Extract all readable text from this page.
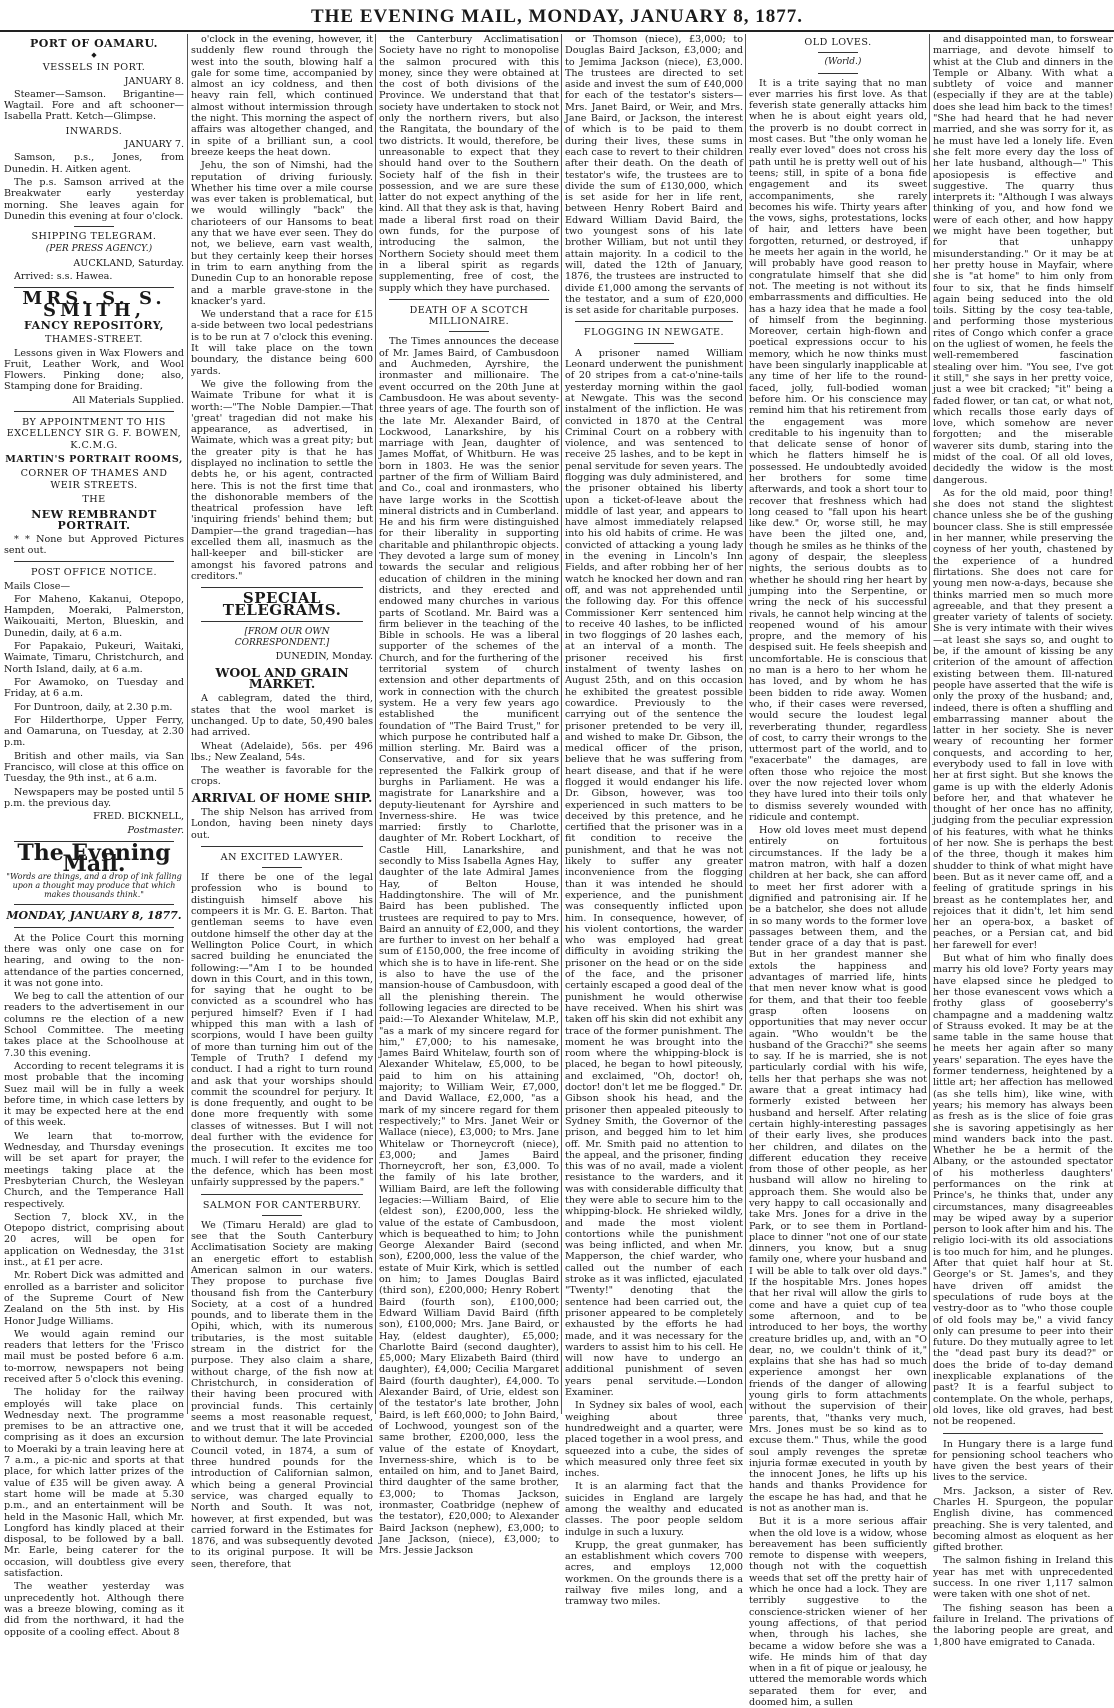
THE EVENING MAIL, MONDAY, JANUARY 8, 1877.
PORT OF OAMARU.
◆
VESSELS IN PORT.

JANUARY 8.

Steamer—Samson. Brigantine—Wagtail. Fore and aft schooner—Isabella Pratt. Ketch—Glimpse.

INWARDS.

JANUARY 7.

Samson, p.s., Jones, from Dunedin. H. Aitken agent.

The p.s. Samson arrived at the Breakwater early yesterday morning. She leaves again for Dunedin this evening at four o'clock.

SHIPPING TELEGRAM.

(PER PRESS AGENCY.)

AUCKLAND, Saturday.

Arrived: s.s. Hawea.

MRS. S. S. SMITH,
FANCY REPOSITORY,
THAMES-STREET.

Lessons given in Wax Flowers and Fruit, Leather Work, and Wool Flowers. Pinking done; also, Stamping done for Braiding.

All Materials Supplied.

BY APPOINTMENT TO HIS EXCELLENCY SIR G. F. BOWEN, K.C.M.G.
MARTIN'S PORTRAIT ROOMS,
CORNER OF THAMES AND WEIR STREETS.
THE
NEW REMBRANDT PORTRAIT.

* * None but Approved Pictures sent out.

POST OFFICE NOTICE.

Mails Close—

For Maheno, Kakanui, Otepopo, Hampden, Moeraki, Palmerston, Waikouaiti, Merton, Blueskin, and Dunedin, daily, at 6 a.m.

For Papakaio, Pukeuri, Waitaki, Waimate, Timaru, Christchurch, and North Island, daily, at 6 a.m.

For Awamoko, on Tuesday and Friday, at 6 a.m.

For Duntroon, daily, at 2.30 p.m.

For Hilderthorpe, Upper Ferry, and Oamaruna, on Tuesday, at 2.30 p.m.

British and other mails, via San Francisco, will close at this office on Tuesday, the 9th inst., at 6 a.m.

Newspapers may be posted until 5 p.m. the previous day.

FRED. BICKNELL,

Postmaster.

The Evening Mail.
"Words are things, and a drop of ink falling upon a thought may produce that which makes thousands think."
MONDAY, JANUARY 8, 1877.

At the Police Court this morning there was only one case on for hearing, and owing to the non-attendance of the parties concerned, it was not gone into.

We beg to call the attention of our readers to the advertisement in our columns re the election of a new School Committee. The meeting takes place at the Schoolhouse at 7.30 this evening.

According to recent telegrams it is most probable that the incoming Suez mail will be in fully a week before time, in which case letters by it may be expected here at the end of this week.

We learn that to-morrow, Wednesday, and Thursday evenings will be set apart for prayer, the meetings taking place at the Presbyterian Church, the Wesleyan Church, and the Temperance Hall respectively.

Section 7, block XV., in the Otepopo district, comprising about 20 acres, will be open for application on Wednesday, the 31st inst., at £1 per acre.

Mr. Robert Dick was admitted and enrolled as a barrister and solicitor of the Supreme Court of New Zealand on the 5th inst. by His Honor Judge Williams.

We would again remind our readers that letters for the 'Frisco mail must be posted before 6 a.m. to-morrow, newspapers not being received after 5 o'clock this evening.

The holiday for the railway employés will take place on Wednesday next. The programme premises to be an attractive one, comprising as it does an excursion to Moeraki by a train leaving here at 7 a.m., a pic-nic and sports at that place, for which latter prizes of the value of £35 will be given away. A start home will be made at 5.30 p.m., and an entertainment will be held in the Masonic Hall, which Mr. Longford has kindly placed at their disposal, to be followed by a ball. Mr. Earle, being caterer for the occasion, will doubtless give every satisfaction.

The weather yesterday was unprecedently hot. Although there was a breeze blowing, coming as it did from the northward, it had the opposite of a cooling effect. About 8

o'clock in the evening, however, it suddenly flew round through the west into the south, blowing half a gale for some time, accompanied by almost an icy coldness, and then heavy rain fell, which continued almost without intermission through the night. This morning the aspect of affairs was altogether changed, and in spite of a brilliant sun, a cool breeze keeps the heat down.

Jehu, the son of Nimshi, had the reputation of driving furiously. Whether his time over a mile course was ever taken is problematical, but we would willingly "back" the charioteers of our Hansoms to beat any that we have ever seen. They do not, we believe, earn vast wealth, but they certainly keep their horses in trim to earn anything from the Dunedin Cup to an honorable repose and a marble grave-stone in the knacker's yard.

We understand that a race for £15 a-side between two local pedestrians is to be run at 7 o'clock this evening. It will take place on the town boundary, the distance being 600 yards.

We give the following from the Waimate Tribune for what it is worth:—"The Noble Dampier.—That 'great' tragedian did not make his appearance, as advertised, in Waimate, which was a great pity; but the greater pity is that he has displayed no inclination to settle the debts he, or his agent, contracted here. This is not the first time that the dishonorable members of the theatrical profession have left 'inquiring friends' behind them; but Dampier—the grand tragedian—has excelled them all, inasmuch as the hall-keeper and bill-sticker are amongst his favored patrons and creditors."

SPECIAL TELEGRAMS.

[FROM OUR OWN CORRESPONDENT.]

DUNEDIN, Monday.

WOOL AND GRAIN MARKET.

A cablegram, dated the third, states that the wool market is unchanged. Up to date, 50,490 bales had arrived.

Wheat (Adelaide), 56s. per 496 lbs.; New Zealand, 54s.

The weather is favorable for the crops.

ARRIVAL OF HOME SHIP.

The ship Nelson has arrived from London, having been ninety days out.

AN EXCITED LAWYER.

If there be one of the legal profession who is bound to distinguish himself above his compeers it is Mr. G. E. Barton. That gentleman seems to have even outdone himself the other day at the Wellington Police Court, in which sacred building he enunciated the following:—"Am I to be hounded down in this Court, and in this town, for saying that he ought to be convicted as a scoundrel who has perjured himself? Even if I had whipped this man with a lash of scorpions, would I have been guilty of more than turning him out of the Temple of Truth? I defend my conduct. I had a right to turn round and ask that your worships should commit the scoundrel for perjury. It is done frequently, and ought to be done more frequently with some classes of witnesses. But I will not deal further with the evidence for the prosecution. It excites me too much. I will refer to the evidence for the defence, which has been most unfairly suppressed by the papers."

SALMON FOR CANTERBURY.

We (Timaru Herald) are glad to see that the South Canterbury Acclimatisation Society are making an energetic effort to establish American salmon in our waters. They propose to purchase five thousand fish from the Canterbury Society, at a cost of a hundred pounds, and to liberate them in the Opihi, which, with its numerous tributaries, is the most suitable stream in the district for the purpose. They also claim a share, without charge, of the fish now at Christchurch, in consideration of their having been procured with provincial funds. This certainly seems a most reasonable request, and we trust that it will be acceded to without demur. The late Provincial Council voted, in 1874, a sum of three hundred pounds for the introduction of Californian salmon, which being a general Provincial service, was charged equally to North and South. It was not, however, at first expended, but was carried forward in the Estimates for 1876, and was subsequently devoted to its original purpose. It will be seen, therefore, that

the Canterbury Acclimatisation Society have no right to monopolise the salmon procured with this money, since they were obtained at the cost of both divisions of the Province. We understand that that society have undertaken to stock not only the northern rivers, but also the Rangitata, the boundary of the two districts. It would, therefore, be unreasonable to expect that they should hand over to the Southern Society half of the fish in their possession, and we are sure these latter do not expect anything of the kind. All that they ask is that, having made a liberal first road on their own funds, for the purpose of introducing the salmon, the Northern Society should meet them in a liberal spirit as regards supplementing, free of cost, the supply which they have purchased.

DEATH OF A SCOTCH MILLIONAIRE.

The Times announces the decease of Mr. James Baird, of Cambusdoon and Auchmeden, Ayrshire, the ironmaster and millionaire. The event occurred on the 20th June at Cambusdoon. He was about seventy-three years of age. The fourth son of the late Mr. Alexander Baird, of Lockwood, Lanarkshire, by his marriage with Jean, daughter of James Moffat, of Whitburn. He was born in 1803. He was the senior partner of the firm of William Baird and Co., coal and ironmasters, who have large works in the Scottish mineral districts and in Cumberland. He and his firm were distinguished for their liberality in supporting charitable and philanthropic objects. They devoted a large sum of money towards the secular and religious education of children in the mining districts, and they erected and endowed many churches in various parts of Scotland. Mr. Baird was a firm believer in the teaching of the Bible in schools. He was a liberal supporter of the schemes of the Church, and for the furthering of the territorial system of church extension and other departments of work in connection with the church system. He a very few years ago established the munificent foundation of "The Baird Trust," for which purpose he contributed half a million sterling. Mr. Baird was a Conservative, and for six years represented the Falkirk group of burghs in Parliament. He was a magistrate for Lanarkshire and a deputy-lieutenant for Ayrshire and Inverness-shire. He was twice married: firstly to Charlotte, daughter of Mr. Robert Lockhart, of Castle Hill, Lanarkshire, and secondly to Miss Isabella Agnes Hay, daughter of the late Admiral James Hay, of Belton House, Haddingtonshire. The will of Mr. Baird has been published. The trustees are required to pay to Mrs. Baird an annuity of £2,000, and they are further to invest on her behalf a sum of £150,000, the free income of which she is to have in life-rent. She is also to have the use of the mansion-house of Cambusdoon, with all the plenishing therein. The following legacies are directed to be paid:—To Alexander Whitelaw, M.P., "as a mark of my sincere regard for him," £7,000; to his namesake, James Baird Whitelaw, fourth son of Alexander Whitelaw, £5,000, to be paid to him on his attaining majority; to William Weir, £7,000, and David Wallace, £2,000, "as a mark of my sincere regard for them respectively;" to Mrs. Janet Weir or Wallace (niece), £3,000; to Mrs. Jane Whitelaw or Thorneycroft (niece), £3,000; and James Baird Thorneycroft, her son, £3,000. To the family of his late brother, William Baird, are left the following legacies:—William Baird, of Elie (eldest son), £200,000, less the value of the estate of Cambusdoon, which is bequeathed to him; to John George Alexander Baird (second son), £200,000, less the value of the estate of Muir Kirk, which is settled on him; to James Douglas Baird (third son), £200,000; Henry Robert Baird (fourth son), £100,000; Edward William David Baird (fifth son), £100,000; Mrs. Jane Baird, or Hay, (eldest daughter), £5,000; Charlotte Baird (second daughter), £5,000; Mary Elizabeth Baird (third daughter), £4,000; Cecilia Margaret Baird (fourth daughter), £4,000. To Alexander Baird, of Urie, eldest son of the testator's late brother, John Baird, is left £60,000; to John Baird, of Lochwood, youngest son of the same brother, £200,000, less the value of the estate of Knoydart, Inverness-shire, which is to be entailed on him, and to Janet Baird, third daughter of the same brother, £3,000; to Thomas Jackson, ironmaster, Coatbridge (nephew of the testator), £20,000; to Alexander Baird Jackson (nephew), £3,000; to Jane Jackson, (niece), £3,000; to Mrs. Jessie Jackson

or Thomson (niece), £3,000; to Douglas Baird Jackson, £3,000; and to Jemima Jackson (niece), £3,000. The trustees are directed to set aside and invest the sum of £40,000 for each of the testator's sisters—Mrs. Janet Baird, or Weir, and Mrs. Jane Baird, or Jackson, the interest of which is to be paid to them during their lives, these sums in each case to revert to their children after their death. On the death of testator's wife, the trustees are to divide the sum of £130,000, which is set aside for her in life rent, between Henry Robert Baird and Edward William David Baird, the two youngest sons of his late brother William, but not until they attain majority. In a codicil to the will, dated the 12th of January, 1876, the trustees are instructed to divide £1,000 among the servants of the testator, and a sum of £20,000 is set aside for charitable purposes.

FLOGGING IN NEWGATE.

A prisoner named William Leonard underwent the punishment of 20 stripes from a cat-o'nine-tails yesterday morning within the gaol at Newgate. This was the second instalment of the infliction. He was convicted in 1870 at the Central Criminal Court on a robbery with violence, and was sentenced to receive 25 lashes, and to be kept in penal servitude for seven years. The flogging was duly administered, and the prisoner obtained his liberty upon a ticket-of-leave about the middle of last year, and appears to have almost immediately relapsed into his old habits of crime. He was convicted of attacking a young lady in the evening in Lincoln's Inn Fields, and after robbing her of her watch he knocked her down and ran off, and was not apprehended until the following day. For this offence Commissioner Kerr sentenced him to receive 40 lashes, to be inflicted in two floggings of 20 lashes each, at an interval of a month. The prisoner received his first instalment of twenty lashes on August 25th, and on this occasion he exhibited the greatest possible cowardice. Previously to the carrying out of the sentence the prisoner pretended to be very ill, and wished to make Dr. Gibson, the medical officer of the prison, believe that he was suffering from heart disease, and that if he were flogged it would endanger his life. Dr. Gibson, however, was too experienced in such matters to be deceived by this pretence, and he certified that the prisoner was in a fit condition to receive the punishment, and that he was not likely to suffer any greater inconvenience from the flogging than it was intended he should experience, and the punishment was consequently inflicted upon him. In consequence, however, of his violent contortions, the warder who was employed had great difficulty in avoiding striking the prisoner on the head or on the side of the face, and the prisoner certainly escaped a good deal of the punishment he would otherwise have received. When his shirt was taken off his skin did not exhibit any trace of the former punishment. The moment he was brought into the room where the whipping-block is placed, he began to howl piteously, and exclaimed, "Oh, doctor! oh, doctor! don't let me be flogged." Dr. Gibson shook his head, and the prisoner then appealed piteously to Sydney Smith, the Governor of the prison, and begged him to let him off. Mr. Smith paid no attention to the appeal, and the prisoner, finding this was of no avail, made a violent resistance to the warders, and it was with considerable difficulty that they were able to secure him to the whipping-block. He shrieked wildly, and made the most violent contortions while the punishment was being inflicted, and when Mr. Mapperson, the chief warder, who called out the number of each stroke as it was inflicted, ejaculated "Twenty!" denoting that the sentence had been carried out, the prisoner appeared to be completely exhausted by the efforts he had made, and it was necessary for the warders to assist him to his cell. He will now have to undergo an additional punishment of seven years penal servitude.—London Examiner.

In Sydney six bales of wool, each weighing about three hundredweight and a quarter, were placed together in a wool press, and squeezed into a cube, the sides of which measured only three feet six inches.

It is an alarming fact that the suicides in England are largely among the wealthy and educated classes. The poor people seldom indulge in such a luxury.

Krupp, the great gunmaker, has an establishment which covers 700 acres, and employs 12,000 workmen. On the grounds there is a railway five miles long, and a tramway two miles.

OLD LOVES.

(World.)

It is a trite saying that no man ever marries his first love. As that feverish state generally attacks him when he is about eight years old, the proverb is no doubt correct in most cases. But "the only woman he really ever loved" does not cross his path until he is pretty well out of his teens; still, in spite of a bona fide engagement and its sweet accompaniments, she rarely becomes his wife. Thirty years after the vows, sighs, protestations, locks of hair, and letters have been forgotten, returned, or destroyed, if he meets her again in the world, he will probably have good reason to congratulate himself that she did not. The meeting is not without its embarrassments and difficulties. He has a hazy idea that he made a fool of himself from the beginning. Moreover, certain high-flown and poetical expressions occur to his memory, which he now thinks must have been singularly inapplicable at any time of her life to the round-faced, jolly, full-bodied woman before him. Or his conscience may remind him that his retirement from the engagement was more creditable to his ingenuity than to that delicate sense of honor of which he flatters himself he is possessed. He undoubtedly avoided her brothers for some time afterwards, and took a short tour to recover that freshness which had long ceased to "fall upon his heart like dew." Or, worse still, he may have been the jilted one, and, though he smiles as he thinks of the agony of despair, the sleepless nights, the serious doubts as to whether he should ring her heart by jumping into the Serpentine, or wring the neck of his successful rivals, he cannot help wincing at the reopened wound of his amour propre, and the memory of his despised suit. He feels sheepish and uncomfortable. He is conscious that no man is a hero to her whom he has loved, and by whom he has been bidden to ride away. Women who, if their cases were reversed, would secure the loudest legal reverberating thunder, regardless of cost, to carry their wrongs to the uttermost part of the world, and to "exacerbate" the damages, are often those who rejoice the most over the now rejected lover whom they have lured into their toils only to dismiss severely wounded with ridicule and contempt.

How old loves meet must depend entirely on fortuitous circumstances. If the lady be a matron matron, with half a dozen children at her back, she can afford to meet her first adorer with a dignified and patronising air. If he be a batchelor, she does not allude in so many words to the former love passages between them, and the tender grace of a day that is past. But in her grandest manner she extols the happiness and advantages of married life, hints that men never know what is good for them, and that their too feeble grasp often loosens on opportunities that may never occur again. "Who wouldn't be the husband of the Gracchi?" she seems to say. If he is married, she is not particularly cordial with his wife, tells her that perhaps she was not aware that a great intimacy had formerly existed between her husband and herself. After relating certain highly-interesting passages of their early lives, she produces her children, and dilates on the different education they receive from those of other people, as her husband will allow no hireling to approach them. She would also be very happy to call occasionally and take Mrs. Jones for a drive in the Park, or to see them in Portland-place to dinner "not one of our state dinners, you know, but a snug family one, where your husband and I will be able to talk over old days." If the hospitable Mrs. Jones hopes that her rival will allow the girls to come and have a quiet cup of tea some afternoon, and to be introduced to her boys, the worthy creature bridles up, and, with an "O dear, no, we couldn't think of it," explains that she has had so much experience amongst her own friends of the danger of allowing young girls to form attachments without the supervision of their parents, that, "thanks very much, Mrs. Jones must be so kind as to excuse them." Thus, while the good soul amply revenges the spretæ injuria formæ executed in youth by the innocent Jones, he lifts up his hands and thanks Providence for the escape he has had, and that he is not as another man is.

But it is a more serious affair when the old love is a widow, whose bereavement has been sufficiently remote to dispense with weepers, though not with the coquettish weeds that set off the pretty hair of which he once had a lock. They are terribly suggestive to the conscience-stricken wiener of her young affections, of that period when, through his laches, she became a widow before she was a wife. He minds him of that day when in a fit of pique or jealousy, he uttered the memorable words which separated them for ever, and doomed him, a sullen

and disappointed man, to forswear marriage, and devote himself to whist at the Club and dinners in the Temple or Albany. With what a subtlety of voice and manner (especially if they are at the table) does she lead him back to the times! "She had heard that he had never married, and she was sorry for it, as he must have led a lonely life. Even she felt more every day the loss of her late husband, although—" This aposiopesis is effective and suggestive. The quarry thus interprets it: "Although I was always thinking of you, and how fond we were of each other, and how happy we might have been together, but for that unhappy misunderstanding." Or it may be at her pretty house in Mayfair, where she is "at home" to him only from four to six, that he finds himself again being seduced into the old toils. Sitting by the cosy tea-table, and performing those mysterious rites of Congo which confer a grace on the ugliest of women, he feels the well-remembered fascination stealing over him. "You see, I've got it still," she says in her pretty voice, just a wee bit cracked; "it" being a faded flower, or tan cat, or what not, which recalls those early days of love, which somehow are never forgotten; and the miserable waverer sits dumb, staring into the midst of the coal. Of all old loves, decidedly the widow is the most dangerous.

As for the old maid, poor thing! she does not stand the slightest chance unless she be of the gushing bouncer class. She is still empressée in her manner, while preserving the coyness of her youth, chastened by the experience of a hundred flirtations. She does not care for young men now-a-days, because she thinks married men so much more agreeable, and that they present a greater variety of talents of society. She is very intimate with their wives—at least she says so, and ought to be, if the amount of kissing be any criterion of the amount of affection existing between them. Ill-natured people have asserted that the wife is only the proxy of the husband; and, indeed, there is often a shuffling and embarrassing manner about the latter in her society. She is never weary of recounting her former conquests, and according to her, everybody used to fall in love with her at first sight. But she knows the game is up with the elderly Adonis before her, and that whatever he thought of her once has no affinity, judging from the peculiar expression of his features, with what he thinks of her now. She is perhaps the best of the three, though it makes him shudder to think of what might have been. But as it never came off, and a feeling of gratitude springs in his breast as he contemplates her, and rejoices that it didn't, let him send her an opera-box, a basket of peaches, or a Persian cat, and bid her farewell for ever!

But what of him who finally does marry his old love? Forty years may have elapsed since he pledged to her those evanescent vows which a frothy glass of gooseberry's champagne and a maddening waltz of Strauss evoked. It may be at the same table in the same house that he meets her again after so many years' separation. The eyes have the former tenderness, heightened by a little art; her affection has mellowed (as she tells him), like wine, with years; his memory has always been as fresh as is the slice of foie gras she is savoring appetisingly as her mind wanders back into the past. Whether he be a hermit of the Albany, or the astounded spectator of his motherless daughters' performances on the rink at Prince's, he thinks that, under any circumstances, many disagreeables may be wiped away by a superior person to look after him and his. The religio loci-with its old associations is too much for him, and he plunges. After that quiet half hour at St. George's or St. James's, and they have driven off amidst the speculations of rude boys at the vestry-door as to "who those couple of old fools may be," a vivid fancy only can presume to peer into their future. Do they mutually agree to let the "dead past bury its dead?" or does the bride of to-day demand inexplicable explanations of the past? It is a fearful subject to contemplate. On the whole, perhaps, old loves, like old graves, had best not be reopened.

In Hungary there is a large fund for pensioning school teachers who have given the best years of their lives to the service.

Mrs. Jackson, a sister of Rev. Charles H. Spurgeon, the popular English divine, has commenced preaching. She is very talented, and becoming almost as eloquent as her gifted brother.

The salmon fishing in Ireland this year has met with unprecedented success. In one river 1,117 salmon were taken with one shot of net.

The fishing season has been a failure in Ireland. The privations of the laboring people are great, and 1,800 have emigrated to Canada.
